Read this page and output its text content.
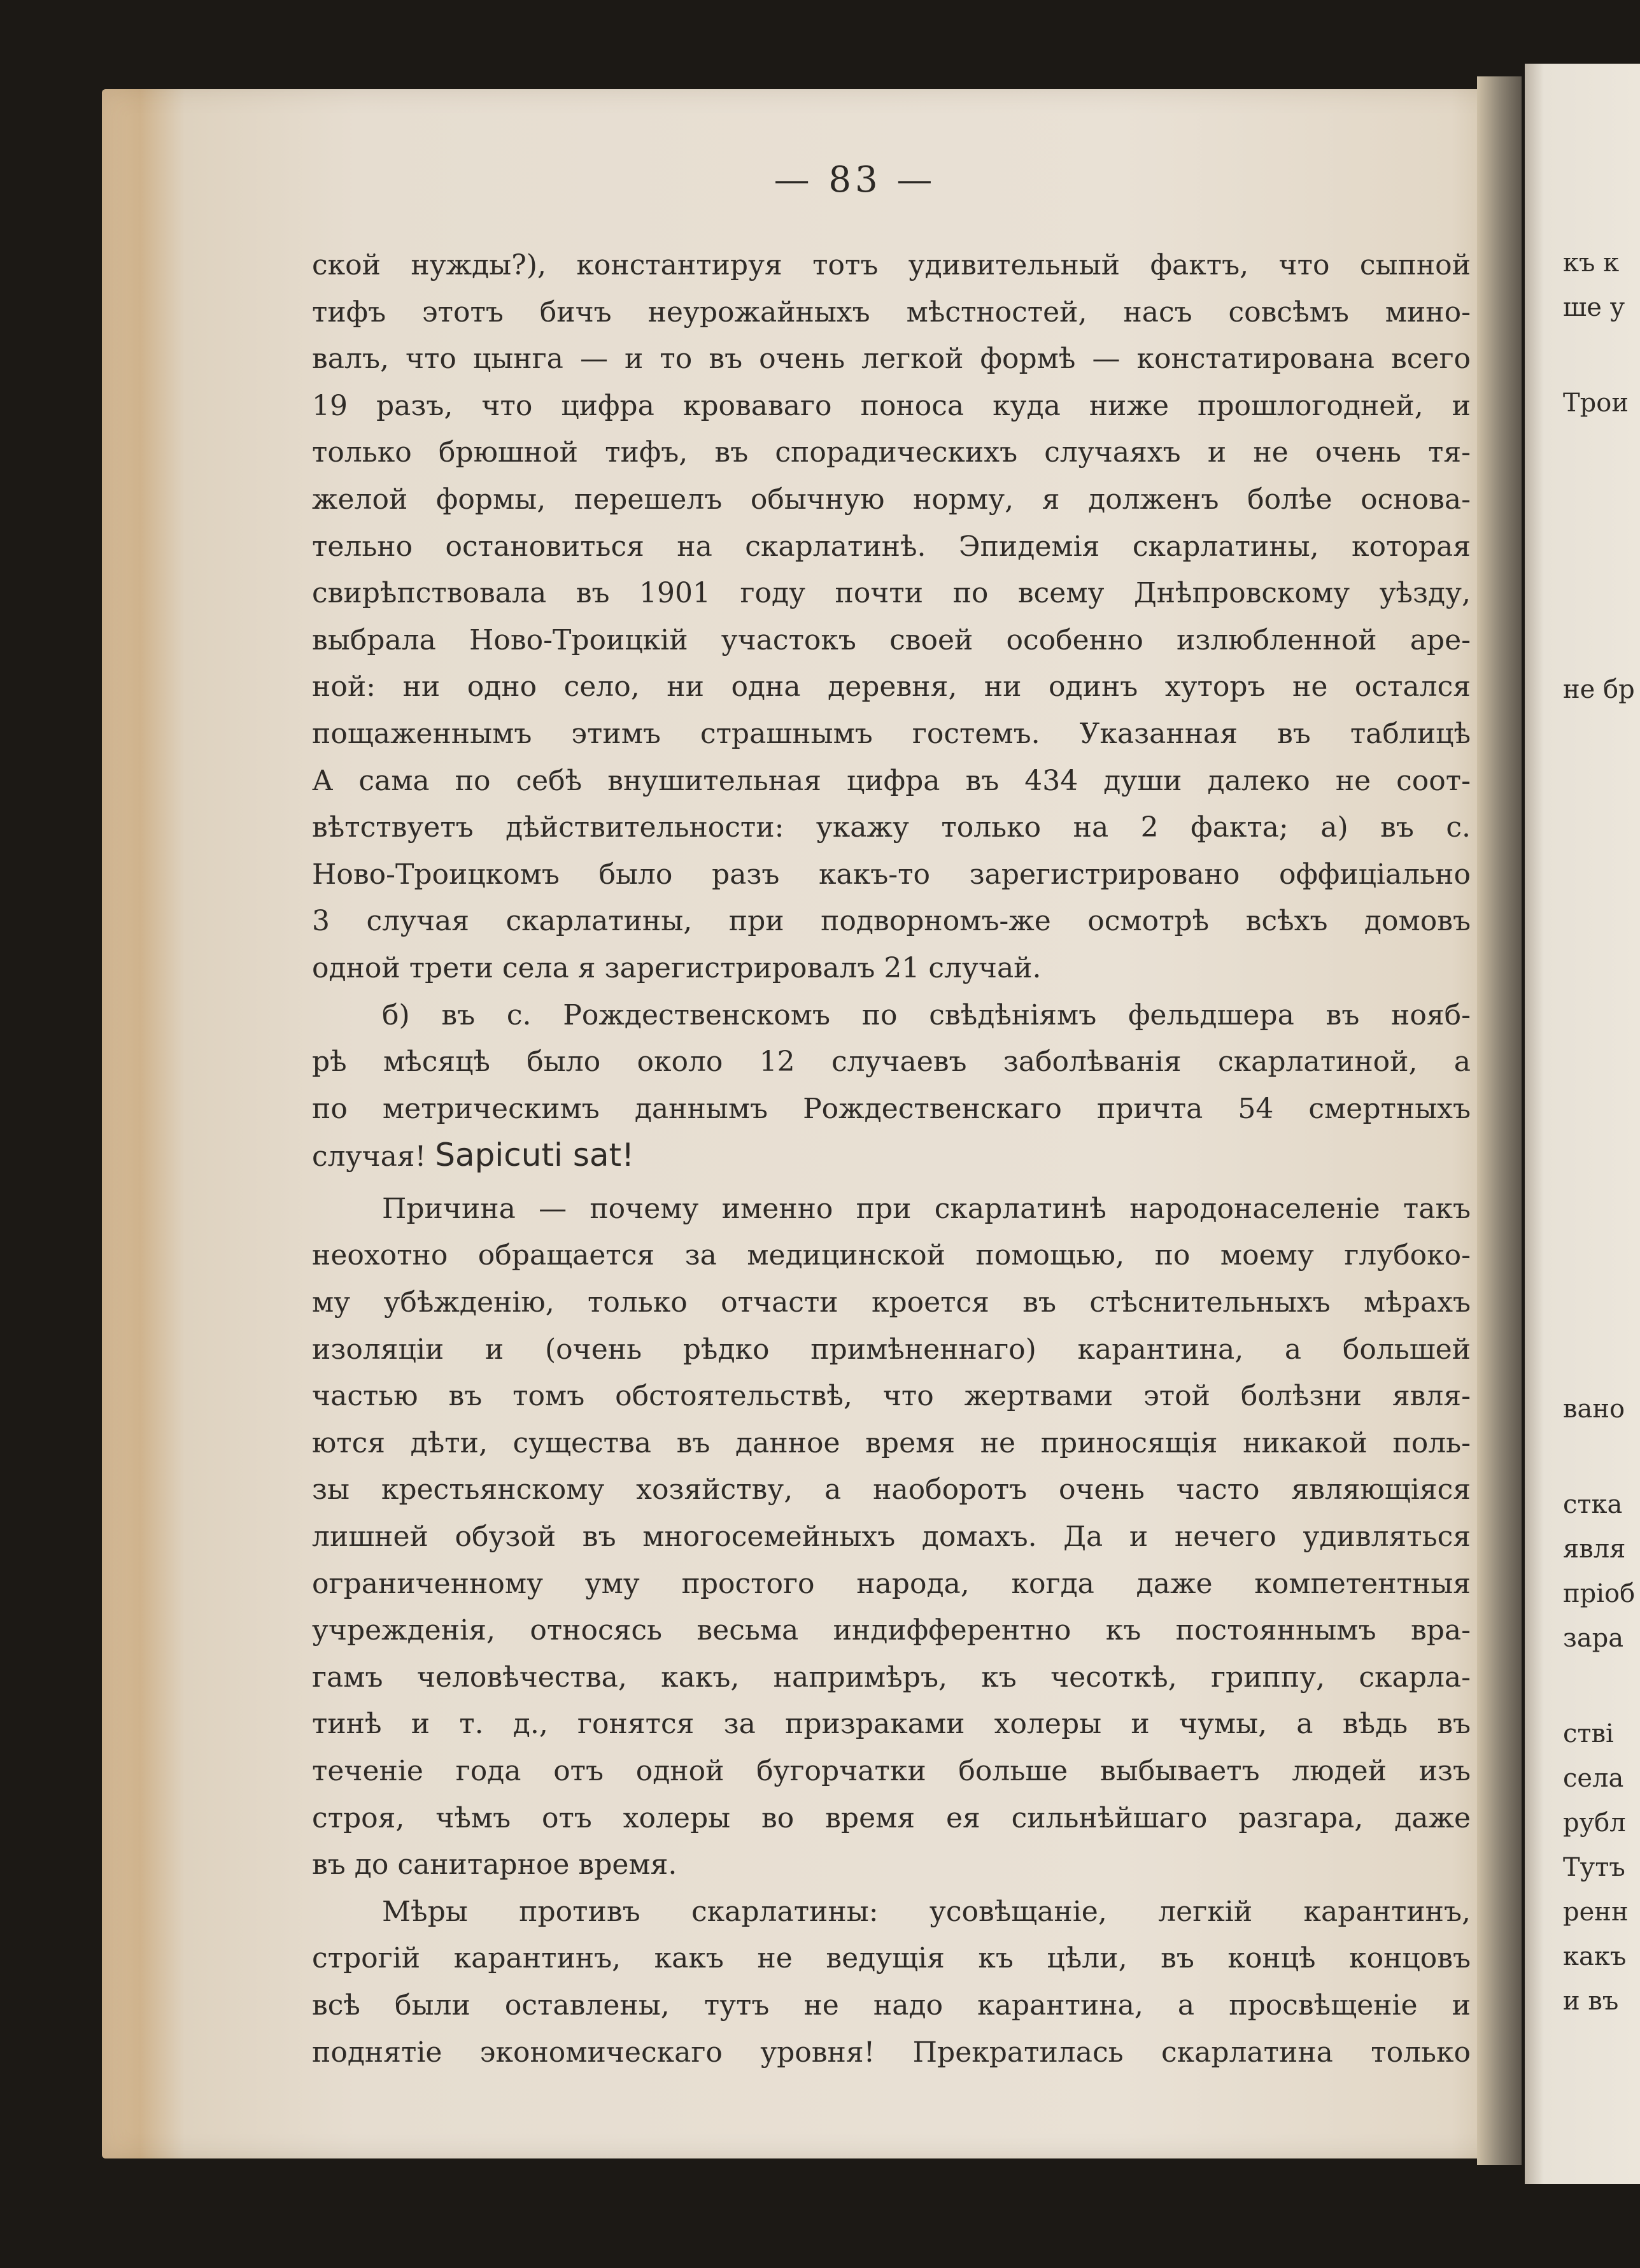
— 83 —
ской нужды?), константируя тотъ удивительный фактъ, что сыпной
тифъ этотъ бичъ неурожайныхъ мѣстностей, насъ совсѣмъ мино-
валъ, что цынга — и то въ очень легкой формѣ — констатирована всего
19 разъ, что цифра кроваваго поноса куда ниже прошлогодней, и
только брюшной тифъ, въ спорадическихъ случаяхъ и не очень тя-
желой формы, перешелъ обычную норму, я долженъ болѣе основа-
тельно остановиться на скарлатинѣ. Эпидемія скарлатины, которая
свирѣпствовала въ 1901 году почти по всему Днѣпровскому уѣзду,
выбрала Ново-Троицкій участокъ своей особенно излюбленной аре-
ной: ни одно село, ни одна деревня, ни одинъ хуторъ не остался
пощаженнымъ этимъ страшнымъ гостемъ. Указанная въ таблицѣ
А сама по себѣ внушительная цифра въ 434 души далеко не соот-
вѣтствуетъ дѣйствительности: укажу только на 2 факта; а) въ с.
Ново-Троицкомъ было разъ какъ-то зарегистрировано оффиціально
3 случая скарлатины, при подворномъ-же осмотрѣ всѣхъ домовъ
одной трети села я зарегистрировалъ 21 случай.
б) въ с. Рождественскомъ по свѣдѣніямъ фельдшера въ нояб-
рѣ мѣсяцѣ было около 12 случаевъ заболѣванія скарлатиной, а
по метрическимъ даннымъ Рождественскаго причта 54 смертныхъ
случая! Sapicuti sat!
Причина — почему именно при скарлатинѣ народонаселеніе такъ
неохотно обращается за медицинской помощью, по моему глубоко-
му убѣжденію, только отчасти кроется въ стѣснительныхъ мѣрахъ
изоляціи и (очень рѣдко примѣненнаго) карантина, а большей
частью въ томъ обстоятельствѣ, что жертвами этой болѣзни явля-
ются дѣти, существа въ данное время не приносящія никакой поль-
зы крестьянскому хозяйству, а наоборотъ очень часто являющіяся
лишней обузой въ многосемейныхъ домахъ. Да и нечего удивляться
ограниченному уму простого народа, когда даже компетентныя
учрежденія, относясь весьма индифферентно къ постояннымъ вра-
гамъ человѣчества, какъ, напримѣръ, къ чесоткѣ, гриппу, скарла-
тинѣ и т. д., гонятся за призраками холеры и чумы, а вѣдь въ
теченіе года отъ одной бугорчатки больше выбываетъ людей изъ
строя, чѣмъ отъ холеры во время ея сильнѣйшаго разгара, даже
въ до санитарное время.
Мѣры противъ скарлатины: усовѣщаніе, легкій карантинъ,
строгій карантинъ, какъ не ведущія къ цѣли, въ концѣ концовъ
всѣ были оставлены, тутъ не надо карантина, а просвѣщеніе и
поднятіе экономическаго уровня! Прекратилась скарлатина только
къ к
ше у
Трои
не бр
вано
стка
явля
пріоб
зара
ствi
села
рубл
Тутъ
ренн
какъ
и въ
